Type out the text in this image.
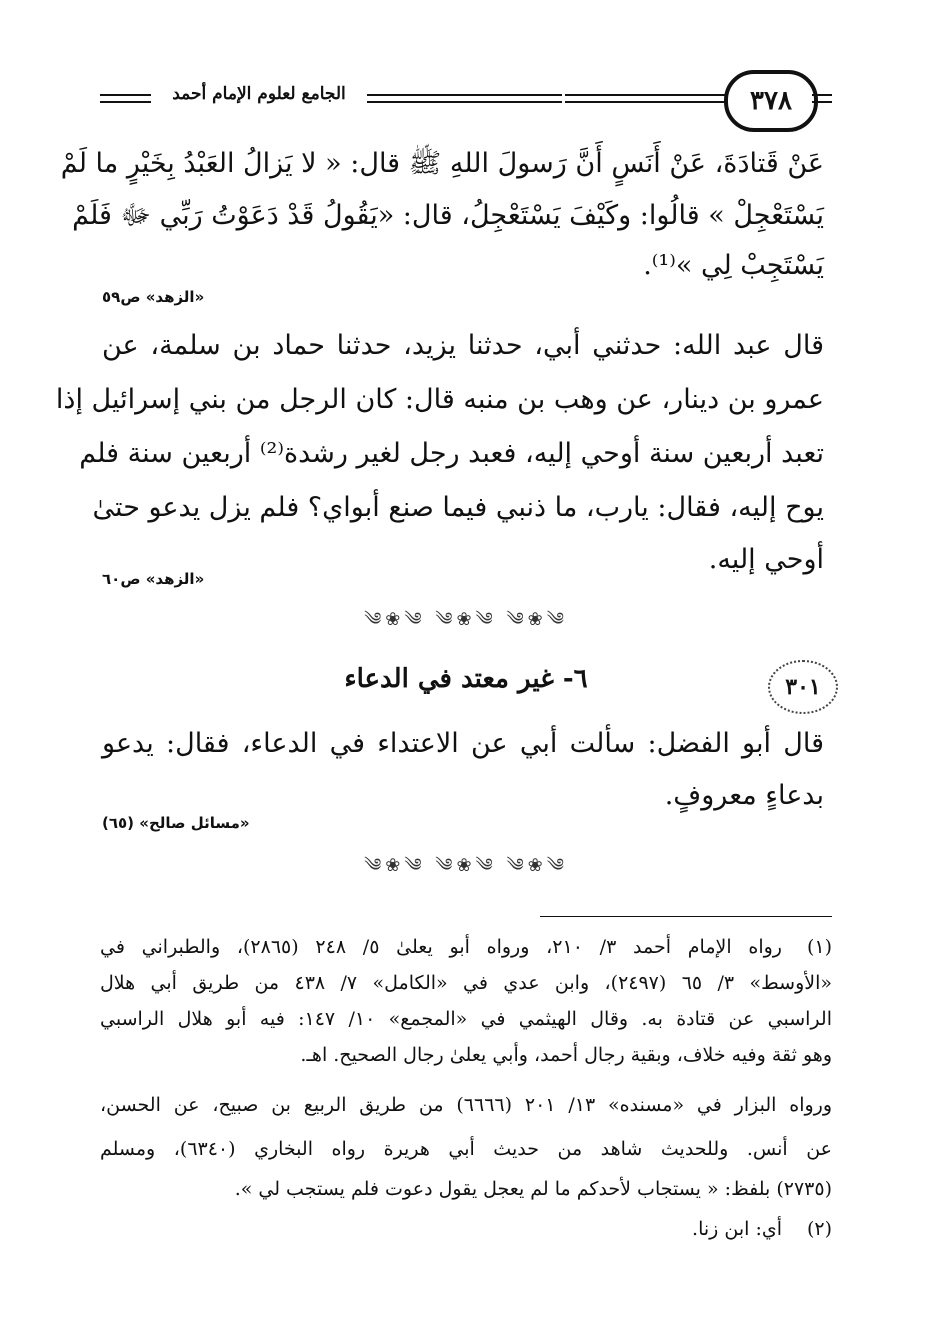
الجامع لعلوم الإمام أحمد	٣٧٨
عَنْ قَتادَةَ، عَنْ أَنَسٍ أَنَّ رَسولَ اللهِ ﷺ قال: « لا يَزالُ العَبْدُ بِخَيْرٍ ما لَمْ
يَسْتَعْجِلْ » قالُوا: وكَيْفَ يَسْتَعْجِلُ، قال: «يَقُولُ قَدْ دَعَوْتُ رَبِّي ﷻ فَلَمْ
يَسْتَجِبْ لِي »⁽¹⁾.
«الزهد» ص٥٩
قال عبد الله: حدثني أبي، حدثنا يزيد، حدثنا حماد بن سلمة، عن
عمرو بن دينار، عن وهب بن منبه قال: كان الرجل من بني إسرائيل إذا
تعبد أربعين سنة أوحي إليه، فعبد رجل لغير رشدة⁽²⁾ أربعين سنة فلم
يوح إليه، فقال: يارب، ما ذنبي فيما صنع أبواي؟ فلم يزل يدعو حتىٰ
أوحي إليه.
«الزهد» ص٦٠
༄❀༄ ༄❀༄ ༄❀༄
٣٠١
٦- غير معتد في الدعاء
قال أبو الفضل: سألت أبي عن الاعتداء في الدعاء، فقال: يدعو
بدعاءٍ معروفٍ.
«مسائل صالح» (٦٥)
༄❀༄ ༄❀༄ ༄❀༄
(١)
رواه الإمام أحمد ٣/ ٢١٠، ورواه أبو يعلىٰ ٥/ ٢٤٨ (٢٨٦٥)، والطبراني في
«الأوسط» ٣/ ٦٥ (٢٤٩٧)، وابن عدي في «الكامل» ٧/ ٤٣٨ من طريق أبي هلال
الراسبي عن قتادة به. وقال الهيثمي في «المجمع» ١٠/ ١٤٧: فيه أبو هلال الراسبي
وهو ثقة وفيه خلاف، وبقية رجال أحمد، وأبي يعلىٰ رجال الصحيح. اهـ.
ورواه البزار في «مسنده» ١٣/ ٢٠١ (٦٦٦٦) من طريق الربيع بن صبيح، عن الحسن،
عن أنس. وللحديث شاهد من حديث أبي هريرة رواه البخاري (٦٣٤٠)، ومسلم
(٢٧٣٥) بلفظ: « يستجاب لأحدكم ما لم يعجل يقول دعوت فلم يستجب لي ».
(٢)
أي: ابن زنا.
